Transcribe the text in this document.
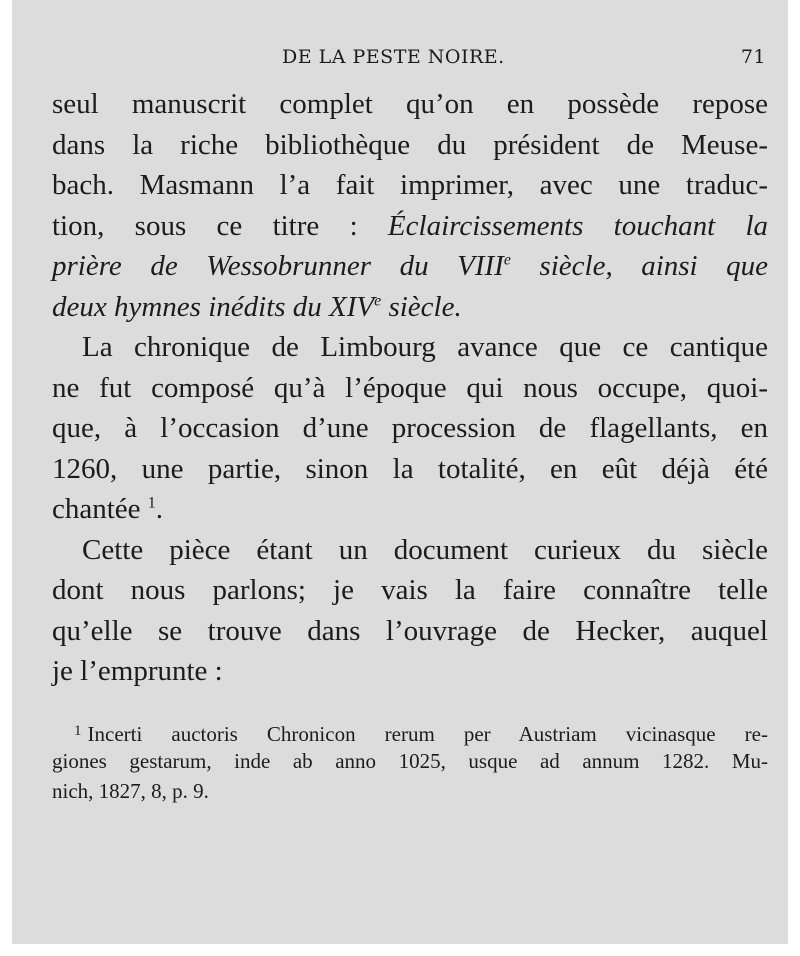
DE LA PESTE NOIRE.	71
seul manuscrit complet qu’on en possède repose
dans la riche bibliothèque du président de Meuse-
bach. Masmann l’a fait imprimer, avec une traduc-
tion, sous ce titre : Éclaircissements touchant la
prière de Wessobrunner du VIIIe siècle, ainsi que
deux hymnes inédits du XIVe siècle.
La chronique de Limbourg avance que ce cantique
ne fut composé qu’à l’époque qui nous occupe, quoi-
que, à l’occasion d’une procession de flagellants, en
1260, une partie, sinon la totalité, en eût déjà été
chantée $^1$.
Cette pièce étant un document curieux du siècle
dont nous parlons; je vais la faire connaître telle
qu’elle se trouve dans l’ouvrage de Hecker, auquel
je l’emprunte :
$^1$ Incerti auctoris Chronicon rerum per Austriam vicinasque re-
giones gestarum, inde ab anno 1025, usque ad annum 1282. Mu-
nich, 1827, 8, p. 9.
